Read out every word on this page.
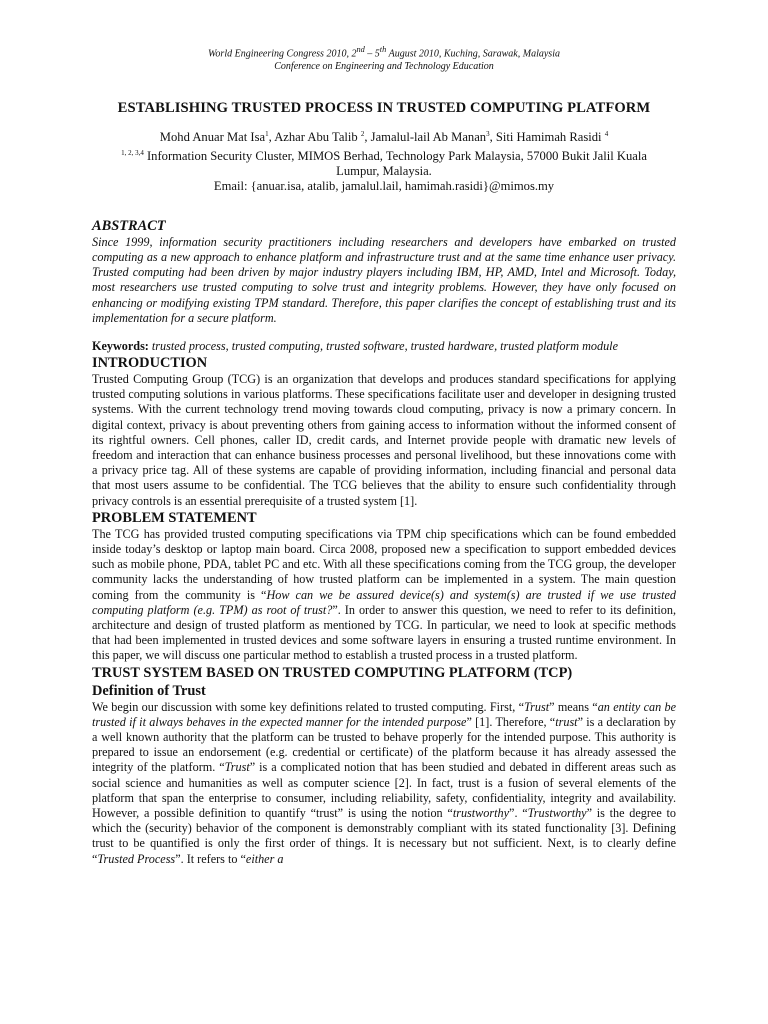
World Engineering Congress 2010, 2nd – 5th August 2010, Kuching, Sarawak, Malaysia
Conference on Engineering and Technology Education
ESTABLISHING TRUSTED PROCESS IN TRUSTED COMPUTING PLATFORM
Mohd Anuar Mat Isa$^1$, Azhar Abu Talib $^2$, Jamalul-lail Ab Manan$^3$, Siti Hamimah Rasidi $^4$
$^{1, 2, 3,4}$ Information Security Cluster, MIMOS Berhad, Technology Park Malaysia, 57000 Bukit Jalil Kuala
Lumpur, Malaysia.
Email: {anuar.isa, atalib, jamalul.lail, hamimah.rasidi}@mimos.my
ABSTRACT

Since 1999, information security practitioners including researchers and developers have embarked on trusted computing as a new approach to enhance platform and infrastructure trust and at the same time enhance user privacy. Trusted computing had been driven by major industry players including IBM, HP, AMD, Intel and Microsoft. Today, most researchers use trusted computing to solve trust and integrity problems. However, they have only focused on enhancing or modifying existing TPM standard. Therefore, this paper clarifies the concept of establishing trust and its implementation for a secure platform.

Keywords: trusted process, trusted computing, trusted software, trusted hardware, trusted platform module

INTRODUCTION

Trusted Computing Group (TCG) is an organization that develops and produces standard specifications for applying trusted computing solutions in various platforms. These specifications facilitate user and developer in designing trusted systems. With the current technology trend moving towards cloud computing, privacy is now a primary concern. In digital context, privacy is about preventing others from gaining access to information without the informed consent of its rightful owners. Cell phones, caller ID, credit cards, and Internet provide people with dramatic new levels of freedom and interaction that can enhance business processes and personal livelihood, but these innovations come with a privacy price tag. All of these systems are capable of providing information, including financial and personal data that most users assume to be confidential. The TCG believes that the ability to ensure such confidentiality through privacy controls is an essential prerequisite of a trusted system [1].

PROBLEM STATEMENT

The TCG has provided trusted computing specifications via TPM chip specifications which can be found embedded inside today’s desktop or laptop main board. Circa 2008, proposed new a specification to support embedded devices such as mobile phone, PDA, tablet PC and etc. With all these specifications coming from the TCG group, the developer community lacks the understanding of how trusted platform can be implemented in a system. The main question coming from the community is “How can we be assured device(s) and system(s) are trusted if we use trusted computing platform (e.g. TPM) as root of trust?”. In order to answer this question, we need to refer to its definition, architecture and design of trusted platform as mentioned by TCG. In particular, we need to look at specific methods that had been implemented in trusted devices and some software layers in ensuring a trusted runtime environment. In this paper, we will discuss one particular method to establish a trusted process in a trusted platform.

TRUST SYSTEM BASED ON TRUSTED COMPUTING PLATFORM (TCP)
Definition of Trust

We begin our discussion with some key definitions related to trusted computing. First, “Trust” means “an entity can be trusted if it always behaves in the expected manner for the intended purpose” [1]. Therefore, “trust” is a declaration by a well known authority that the platform can be trusted to behave properly for the intended purpose. This authority is prepared to issue an endorsement (e.g. credential or certificate) of the platform because it has already assessed the integrity of the platform. “Trust” is a complicated notion that has been studied and debated in different areas such as social science and humanities as well as computer science [2]. In fact, trust is a fusion of several elements of the platform that span the enterprise to consumer, including reliability, safety, confidentiality, integrity and availability. However, a possible definition to quantify “trust” is using the notion “trustworthy”. “Trustworthy” is the degree to which the (security) behavior of the component is demonstrably compliant with its stated functionality [3]. Defining trust to be quantified is only the first order of things. It is necessary but not sufficient. Next, is to clearly define “Trusted Process”. It refers to “either a
